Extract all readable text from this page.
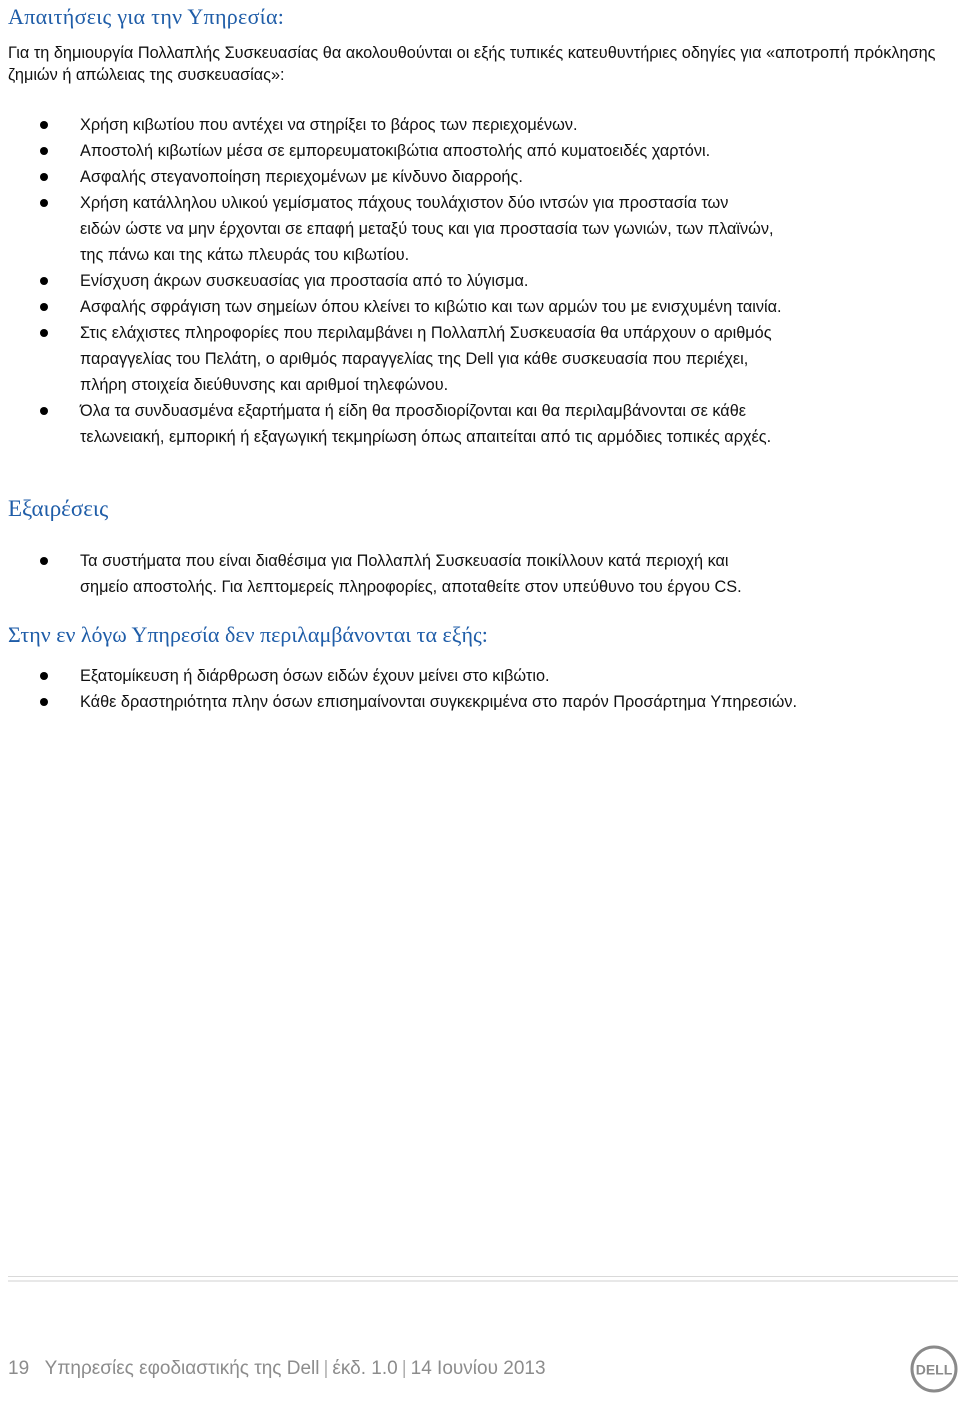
Απαιτήσεις για την Υπηρεσία:

Για τη δημιουργία Πολλαπλής Συσκευασίας θα ακολουθούνται οι εξής τυπικές κατευθυντήριες οδηγίες για «αποτροπή πρόκλησης ζημιών ή απώλειας της συσκευασίας»:

Χρήση κιβωτίου που αντέχει να στηρίξει το βάρος των περιεχομένων.
Αποστολή κιβωτίων μέσα σε εμπορευματοκιβώτια αποστολής από κυματοειδές χαρτόνι.
Ασφαλής στεγανοποίηση περιεχομένων με κίνδυνο διαρροής.
Χρήση κατάλληλου υλικού γεμίσματος πάχους τουλάχιστον δύο ιντσών για προστασία των
ειδών ώστε να μην έρχονται σε επαφή μεταξύ τους και για προστασία των γωνιών, των πλαϊνών,
της πάνω και της κάτω πλευράς του κιβωτίου.
Ενίσχυση άκρων συσκευασίας για προστασία από το λύγισμα.
Ασφαλής σφράγιση των σημείων όπου κλείνει το κιβώτιο και των αρμών του με ενισχυμένη ταινία.
Στις ελάχιστες πληροφορίες που περιλαμβάνει η Πολλαπλή Συσκευασία θα υπάρχουν ο αριθμός
παραγγελίας του Πελάτη, ο αριθμός παραγγελίας της Dell για κάθε συσκευασία που περιέχει,
πλήρη στοιχεία διεύθυνσης και αριθμοί τηλεφώνου.
Όλα τα συνδυασμένα εξαρτήματα ή είδη θα προσδιορίζονται και θα περιλαμβάνονται σε κάθε
τελωνειακή, εμπορική ή εξαγωγική τεκμηρίωση όπως απαιτείται από τις αρμόδιες τοπικές αρχές.
Εξαιρέσεις
Τα συστήματα που είναι διαθέσιμα για Πολλαπλή Συσκευασία ποικίλλουν κατά περιοχή και
σημείο αποστολής. Για λεπτομερείς πληροφορίες, αποταθείτε στον υπεύθυνο του έργου CS.
Στην εν λόγω Υπηρεσία δεν περιλαμβάνονται τα εξής:
Εξατομίκευση ή διάρθρωση όσων ειδών έχουν μείνει στο κιβώτιο.
Κάθε δραστηριότητα πλην όσων επισημαίνονται συγκεκριμένα στο παρόν Προσάρτημα Υπηρεσιών.
19 Υπηρεσίες εφοδιαστικής της Dell | έκδ. 1.0 | 14 Ιουνίου 2013	DELL
